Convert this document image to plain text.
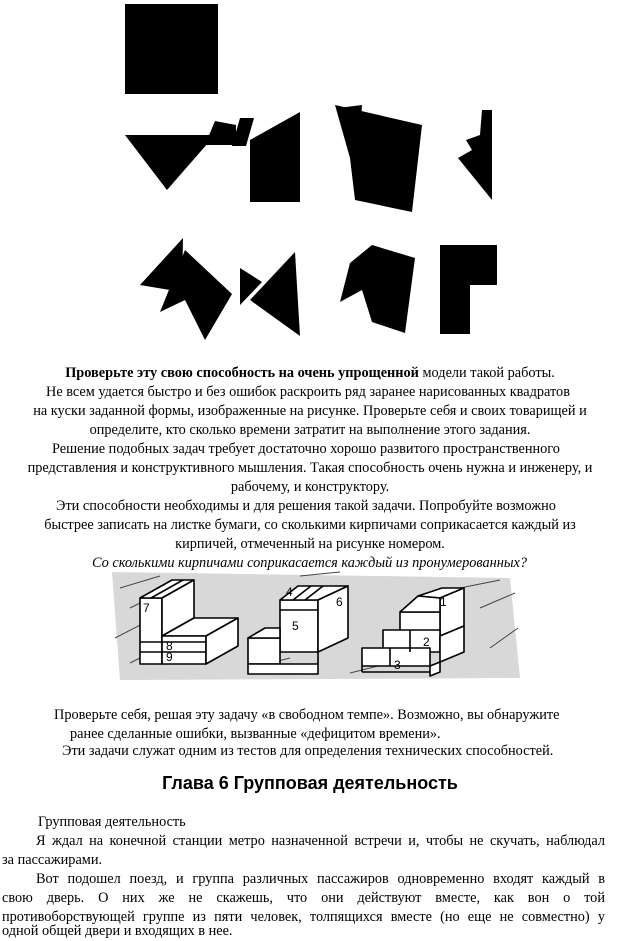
Проверьте эту свою способность на очень упрощенной модели такой работы.
Не всем удается быстро и без ошибок раскроить ряд заранее нарисованных квадратов
на куски заданной формы, изображенные на рисунке. Проверьте себя и своих товарищей и
определите, кто сколько времени затратит на выполнение этого задания.
Решение подобных задач требует достаточно хорошо развитого пространственного
представления и конструктивного мышления. Такая способность очень нужна и инженеру, и
рабочему, и конструктору.
Эти способности необходимы и для решения такой задачи. Попробуйте возможно
быстрее записать на листке бумаги, со сколькими кирпичами соприкасается каждый из
кирпичей, отмеченный на рисунке номером.
Со сколькими кирпичами соприкасается каждый из пронумерованных?
7
8
9
4
6
5
1
2
3
Проверьте себя, решая эту задачу «в свободном темпе». Возможно, вы обнаружите
ранее сделанные ошибки, вызванные «дефицитом времени».
Эти задачи служат одним из тестов для определения технических способностей.
Глава 6 Групповая деятельность
Групповая деятельность
Я ждал на конечной станции метро назначенной встречи и, чтобы не скучать, наблюдал
за пассажирами.
Вот подошел поезд, и группа различных пассажиров одновременно входят каждый в
свою дверь. О них же не скажешь, что они действуют вместе, как вон о той
противоборствующей группе из пяти человек, толпящихся вместе (но еще не совместно) у
одной общей двери и входящих в нее.
